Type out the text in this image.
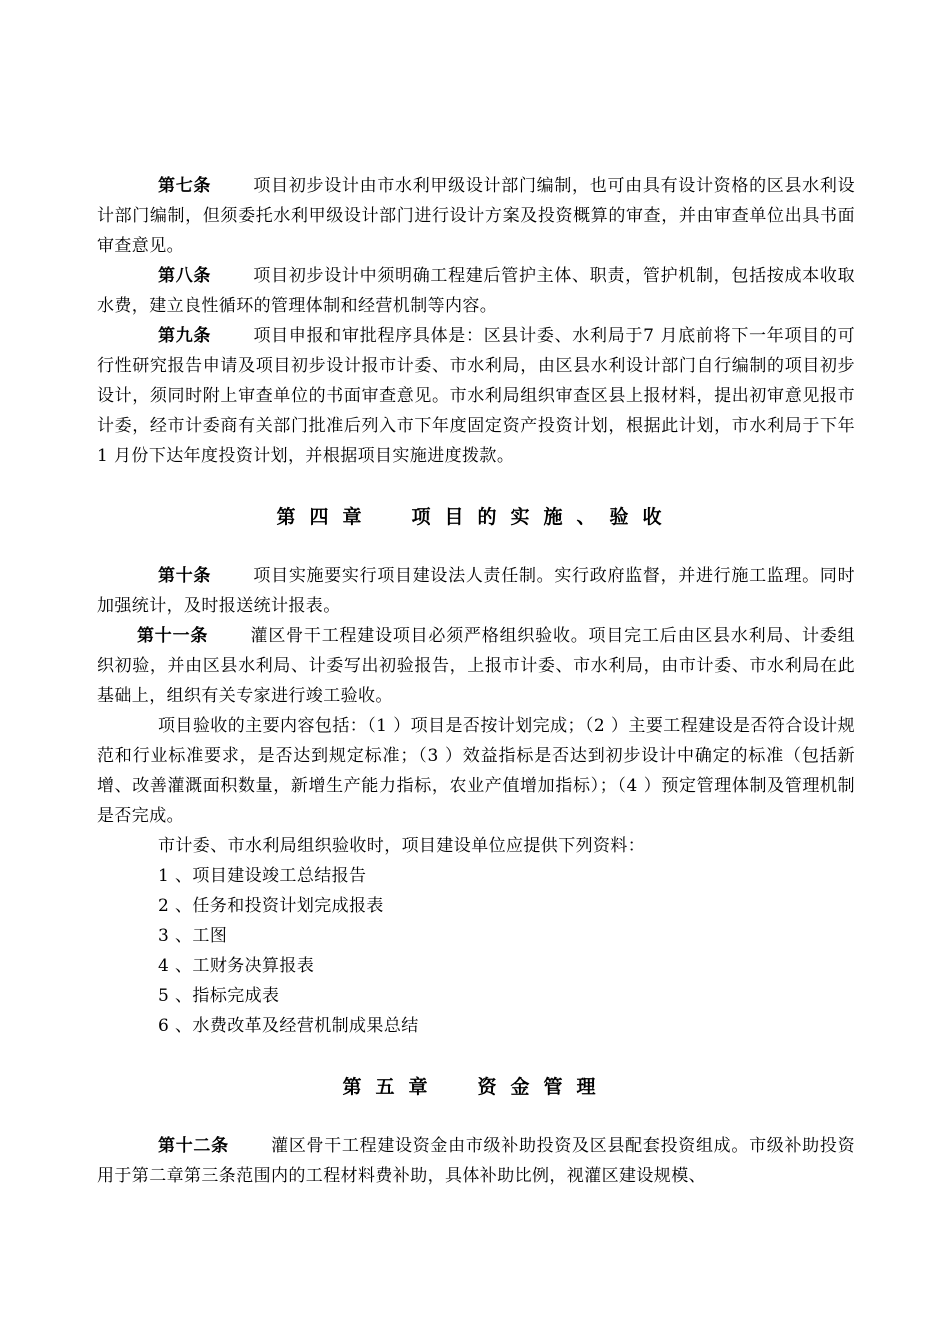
第七条 项目初步设计由市水利甲级设计部门编制，也可由具有设计资格的区县水利设计部门编制，但须委托水利甲级设计部门进行设计方案及投资概算的审查，并由审查单位出具书面审查意见。

第八条 项目初步设计中须明确工程建后管护主体、职责，管护机制，包括按成本收取水费，建立良性循环的管理体制和经营机制等内容。

第九条 项目申报和审批程序具体是：区县计委、水利局于7 月底前将下一年项目的可行性研究报告申请及项目初步设计报市计委、市水利局，由区县水利设计部门自行编制的项目初步设计，须同时附上审查单位的书面审查意见。市水利局组织审查区县上报材料，提出初审意见报市计委，经市计委商有关部门批准后列入市下年度固定资产投资计划，根据此计划，市水利局于下年1 月份下达年度投资计划，并根据项目实施进度拨款。

第四章 项目的实施、验收

第十条 项目实施要实行项目建设法人责任制。实行政府监督，并进行施工监理。同时加强统计，及时报送统计报表。

第十一条 灌区骨干工程建设项目必须严格组织验收。项目完工后由区县水利局、计委组织初验，并由区县水利局、计委写出初验报告，上报市计委、市水利局，由市计委、市水利局在此基础上，组织有关专家进行竣工验收。

项目验收的主要内容包括：（1 ）项目是否按计划完成；（2 ）主要工程建设是否符合设计规范和行业标准要求，是否达到规定标准；（3 ）效益指标是否达到初步设计中确定的标准（包括新增、改善灌溉面积数量，新增生产能力指标，农业产值增加指标）；（4 ）预定管理体制及管理机制是否完成。

市计委、市水利局组织验收时，项目建设单位应提供下列资料：

1 、项目建设竣工总结报告

2 、任务和投资计划完成报表

3 、工图

4 、工财务决算报表

5 、指标完成表

6 、水费改革及经营机制成果总结

第五章 资金管理

第十二条 灌区骨干工程建设资金由市级补助投资及区县配套投资组成。市级补助投资用于第二章第三条范围内的工程材料费补助，具体补助比例，视灌区建设规模、
